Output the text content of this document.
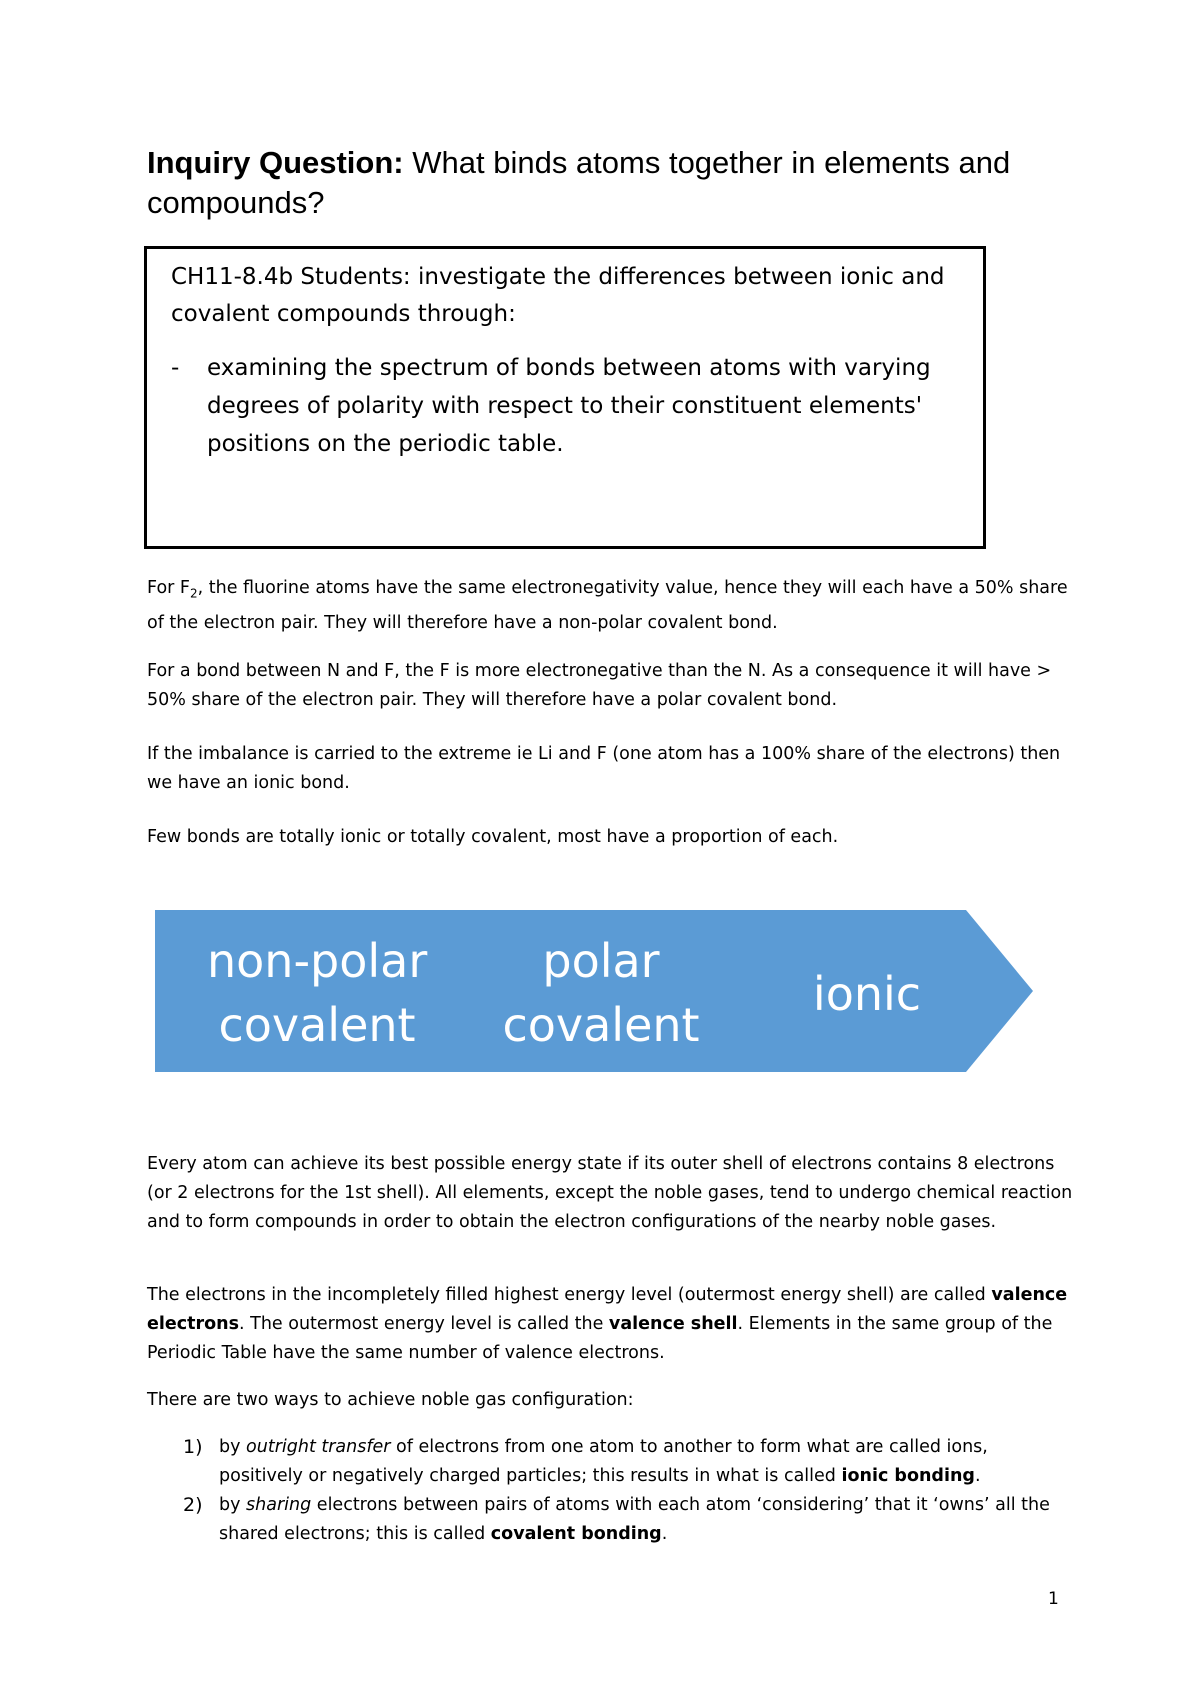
Inquiry Question: What binds atoms together in elements and compounds?

CH11-8.4b Students: investigate the differences between ionic and covalent compounds through:

- examining the spectrum of bonds between atoms with varying degrees of polarity with respect to their constituent elements' positions on the periodic table.

For $F_2$, the fluorine atoms have the same electronegativity value, hence they will each have a 50% share of the electron pair. They will therefore have a non-polar covalent bond.

For a bond between N and F, the F is more electronegative than the N. As a consequence it will have > 50% share of the electron pair. They will therefore have a polar covalent bond.

If the imbalance is carried to the extreme ie Li and F (one atom has a 100% share of the electrons) then we have an ionic bond.

Few bonds are totally ionic or totally covalent, most have a proportion of each.

non-polar
covalent
polar
covalent
ionic

Every atom can achieve its best possible energy state if its outer shell of electrons contains 8 electrons (or 2 electrons for the 1st shell). All elements, except the noble gases, tend to undergo chemical reaction and to form compounds in order to obtain the electron configurations of the nearby noble gases.

The electrons in the incompletely filled highest energy level (outermost energy shell) are called valence electrons. The outermost energy level is called the valence shell. Elements in the same group of the Periodic Table have the same number of valence electrons.

There are two ways to achieve noble gas configuration:

1) by outright transfer of electrons from one atom to another to form what are called ions, positively or negatively charged particles; this results in what is called ionic bonding.
2) by sharing electrons between pairs of atoms with each atom ‘considering’ that it ‘owns’ all the shared electrons; this is called covalent bonding.
1
